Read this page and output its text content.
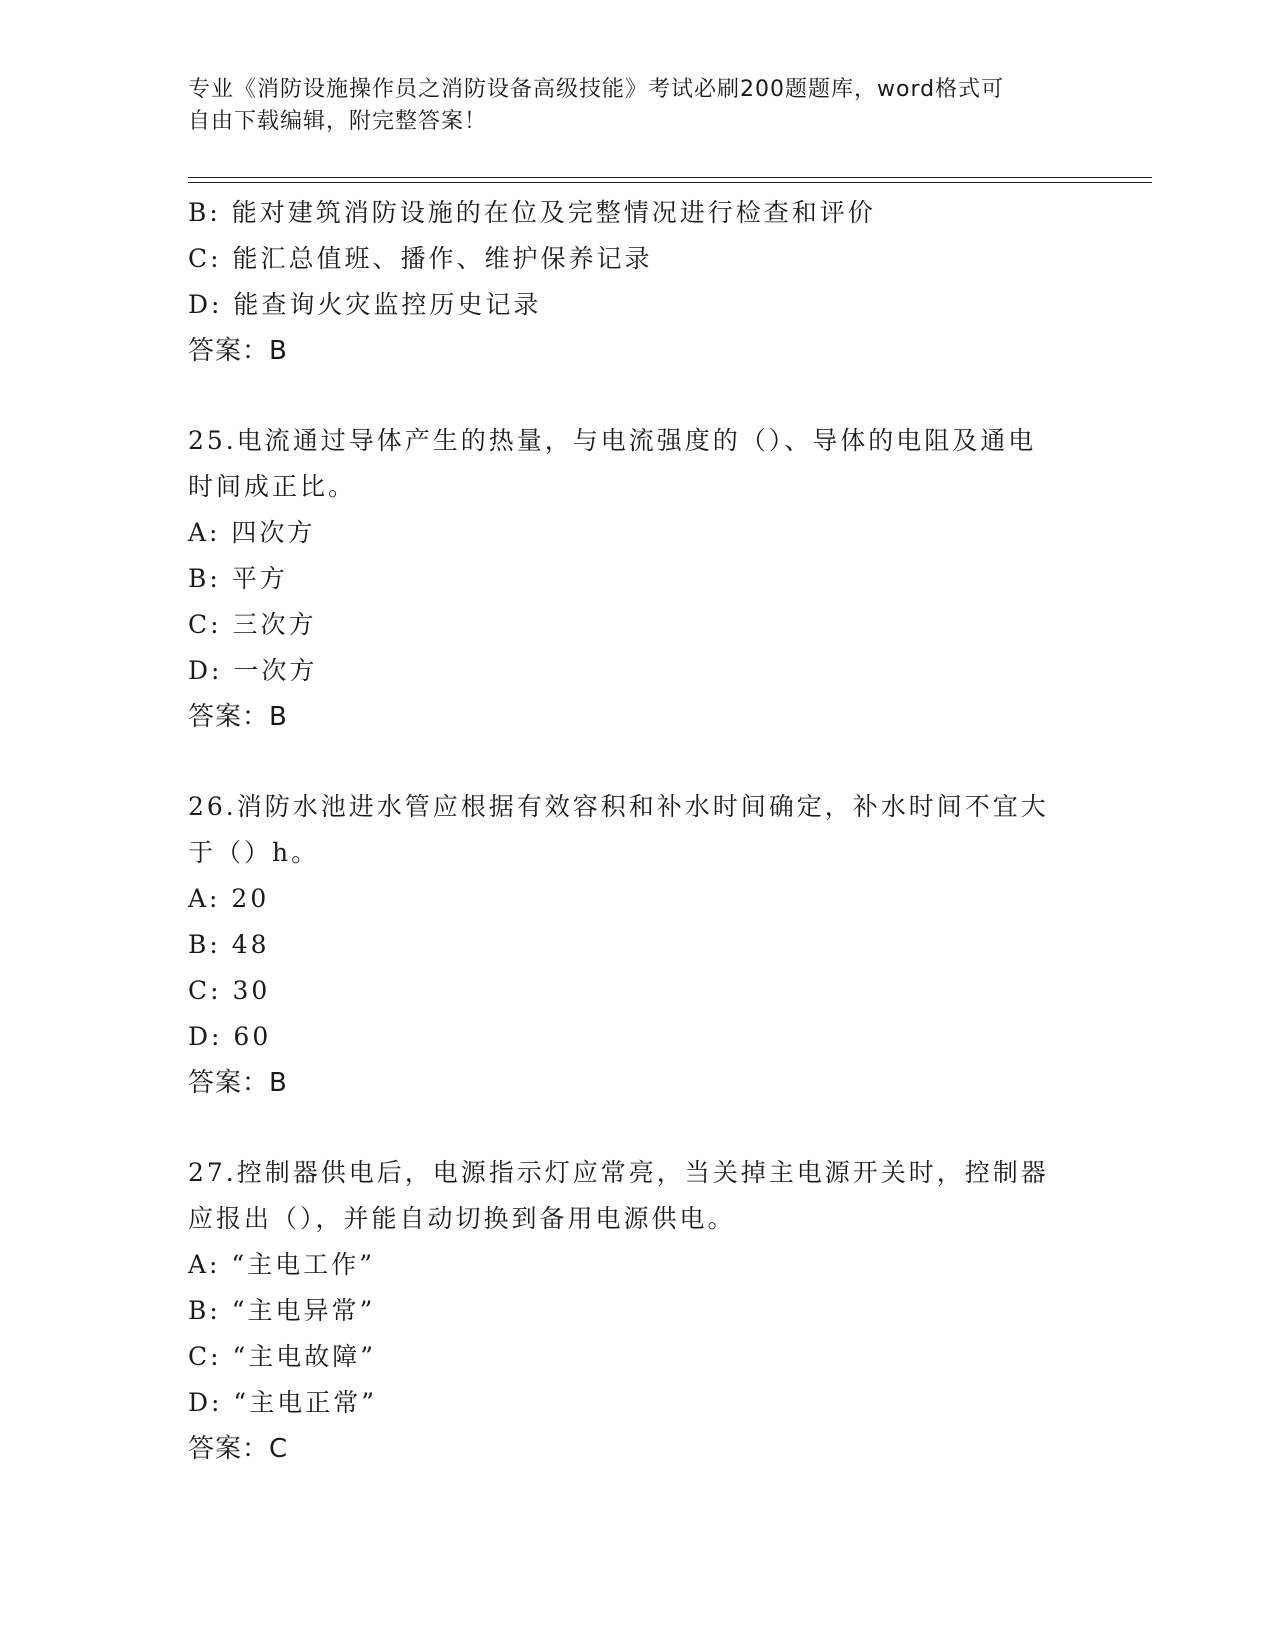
专业《消防设施操作员之消防设备高级技能》考试必刷200题题库，word格式可
自由下载编辑，附完整答案！
B: 能对建筑消防设施的在位及完整情况进行检查和评价
C: 能汇总值班、播作、维护保养记录
D: 能查询火灾监控历史记录
答案：B
25.电流通过导体产生的热量，与电流强度的（）、导体的电阻及通电
时间成正比。
A: 四次方
B: 平方
C: 三次方
D: 一次方
答案：B
26.消防水池进水管应根据有效容积和补水时间确定，补水时间不宜大
于（）h。
A: 20
B: 48
C: 30
D: 60
答案：B
27.控制器供电后，电源指示灯应常亮，当关掉主电源开关时，控制器
应报出（），并能自动切换到备用电源供电。
A: “主电工作”
B: “主电异常”
C: “主电故障”
D: “主电正常”
答案：C
